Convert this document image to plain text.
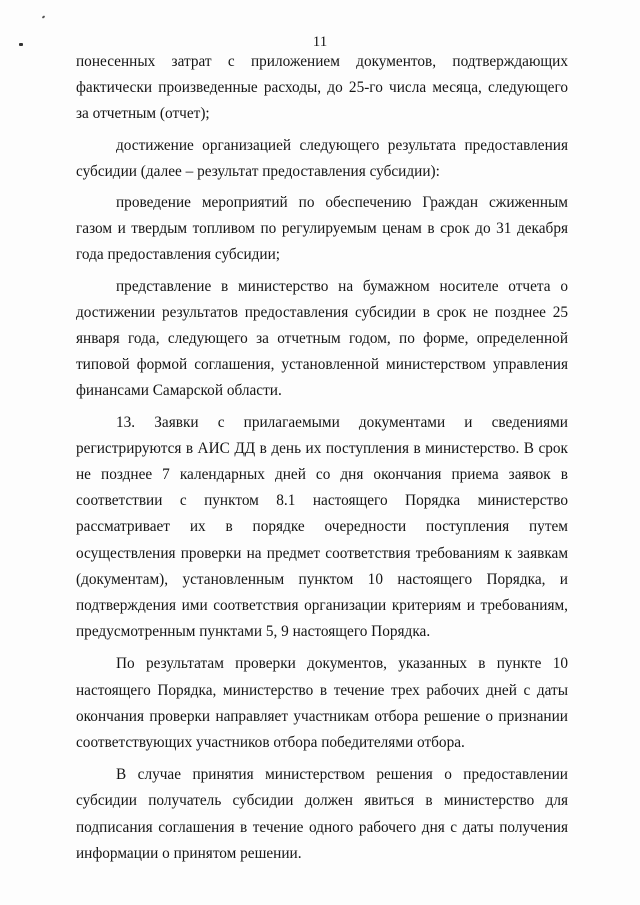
11

понесенных затрат с приложением документов, подтверждающих фактически произведенные расходы, до 25-го числа месяца, следующего за отчетным (отчет);

достижение организацией следующего результата предоставления субсидии (далее – результат предоставления субсидии):

проведение мероприятий по обеспечению Граждан сжиженным газом и твердым топливом по регулируемым ценам в срок до 31 декабря года предоставления субсидии;

представление в министерство на бумажном носителе отчета о достижении результатов предоставления субсидии в срок не позднее 25 января года, следующего за отчетным годом, по форме, определенной типовой формой соглашения, установленной министерством управления финансами Самарской области.

13. Заявки с прилагаемыми документами и сведениями регистрируются в АИС ДД в день их поступления в министерство. В срок не позднее 7 календарных дней со дня окончания приема заявок в соответствии с пунктом 8.1 настоящего Порядка министерство рассматривает их в порядке очередности поступления путем осуществления проверки на предмет соответствия требованиям к заявкам (документам), установленным пунктом 10 настоящего Порядка, и подтверждения ими соответствия организации критериям и требованиям, предусмотренным пунктами 5, 9 настоящего Порядка.

По результатам проверки документов, указанных в пункте 10 настоящего Порядка, министерство в течение трех рабочих дней с даты окончания проверки направляет участникам отбора решение о признании соответствующих участников отбора победителями отбора.

В случае принятия министерством решения о предоставлении субсидии получатель субсидии должен явиться в министерство для подписания соглашения в течение одного рабочего дня с даты получения информации о принятом решении.
